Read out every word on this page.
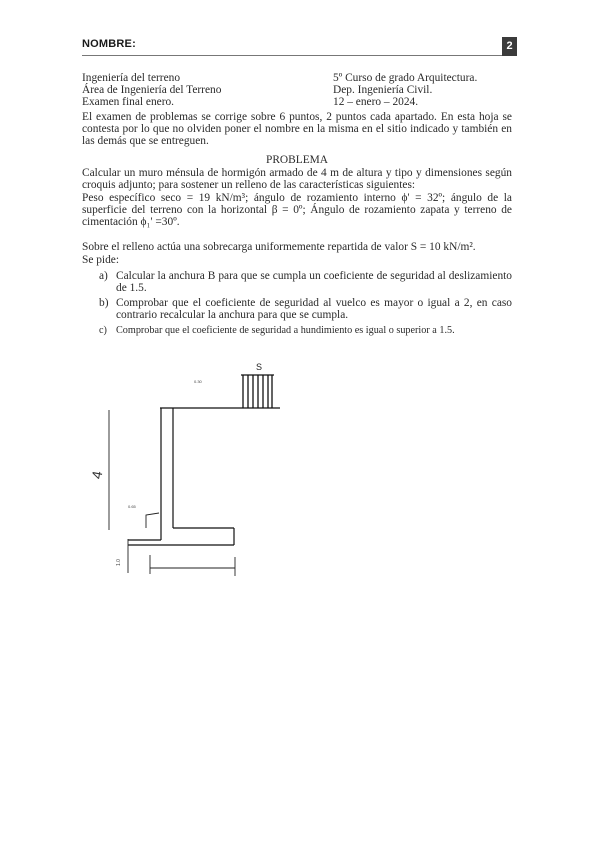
NOMBRE:	2
Ingeniería del terreno
Área de Ingeniería del Terreno
Examen final enero.
5º Curso de grado Arquitectura.
Dep. Ingeniería Civil.
12 – enero – 2024.
El examen de problemas se corrige sobre 6 puntos, 2 puntos cada apartado. En esta hoja se contesta por lo que no olviden poner el nombre en la misma en el sitio indicado y también en las demás que se entreguen.
PROBLEMA
Calcular un muro ménsula de hormigón armado de 4 m de altura y tipo y dimensiones según croquis adjunto; para sostener un relleno de las características siguientes:
Peso específico seco = 19 kN/m³; ángulo de rozamiento interno ϕ' = 32º; ángulo de la superficie del terreno con la horizontal β = 0º; Ángulo de rozamiento zapata y terreno de cimentación ϕ₁' =30º.
Sobre el relleno actúa una sobrecarga uniformemente repartida de valor S = 10 kN/m².
Se pide:
a) Calcular la anchura B para que se cumpla un coeficiente de seguridad al deslizamiento de 1.5.
b) Comprobar que el coeficiente de seguridad al vuelco es mayor o igual a 2, en caso contrario recalcular la anchura para que se cumpla.
c) Comprobar que el coeficiente de seguridad a hundimiento es igual o superior a 1.5.
S
0.30
4
0.65
1.0
